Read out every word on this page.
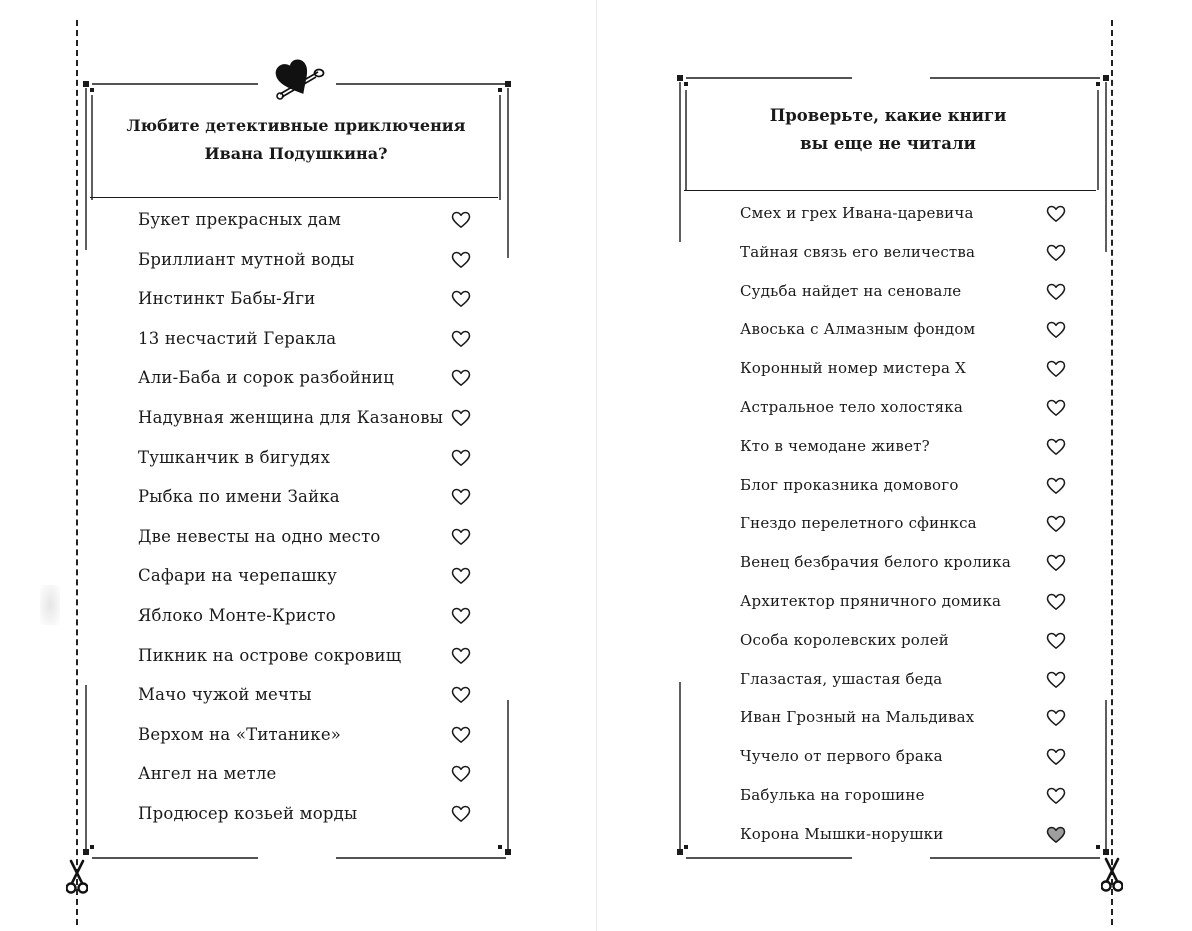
Любите детективные приключения
Ивана Подушкина?
Букет прекрасных дам
Бриллиант мутной воды
Инстинкт Бабы-Яги
13 несчастий Геракла
Али-Баба и сорок разбойниц
Надувная женщина для Казановы
Тушканчик в бигудях
Рыбка по имени Зайка
Две невесты на одно место
Сафари на черепашку
Яблоко Монте-Кристо
Пикник на острове сокровищ
Мачо чужой мечты
Верхом на «Титанике»
Ангел на метле
Продюсер козьей морды
Проверьте, какие книги
вы еще не читали
Смех и грех Ивана-царевича
Тайная связь его величества
Судьба найдет на сеновале
Авоська с Алмазным фондом
Коронный номер мистера Х
Астральное тело холостяка
Кто в чемодане живет?
Блог проказника домового
Гнездо перелетного сфинкса
Венец безбрачия белого кролика
Архитектор пряничного домика
Особа королевских ролей
Глазастая, ушастая беда
Иван Грозный на Мальдивах
Чучело от первого брака
Бабулька на горошине
Корона Мышки-норушки
